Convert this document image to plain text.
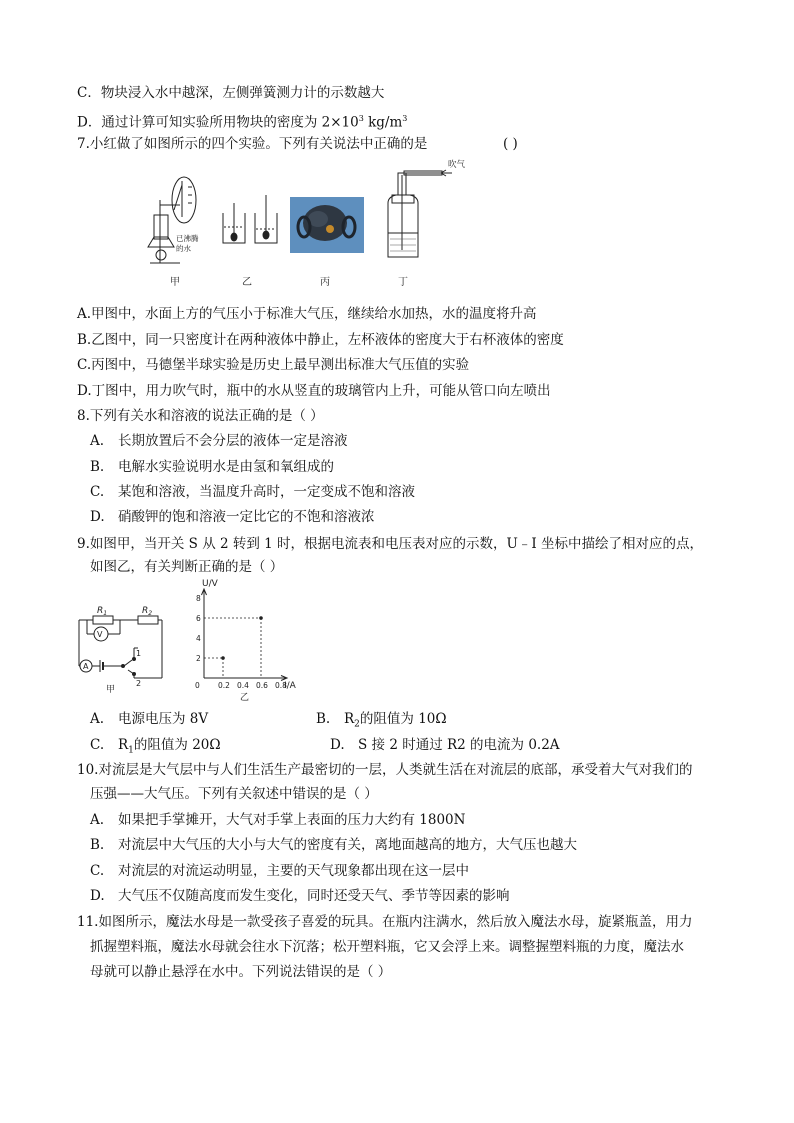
C．物块浸入水中越深，左侧弹簧测力计的示数越大
D．通过计算可知实验所用物块的密度为 $2\times 10^3$ $kg/m^3$
7.小红做了如图所示的四个实验。下列有关说法中正确的是	( )
已沸腾
的水
吹气
甲	乙	丙	丁
A.甲图中，水面上方的气压小于标准大气压，继续给水加热，水的温度将升高
B.乙图中，同一只密度计在两种液体中静止，左杯液体的密度大于右杯液体的密度
C.丙图中，马德堡半球实验是历史上最早测出标准大气压值的实验
D.丁图中，用力吹气时，瓶中的水从竖直的玻璃管内上升，可能从管口向左喷出
8.下列有关水和溶液的说法正确的是（ ）
A. 长期放置后不会分层的液体一定是溶液
B. 电解水实验说明水是由氢和氧组成的
C. 某饱和溶液，当温度升高时，一定变成不饱和溶液
D. 硝酸钾的饱和溶液一定比它的不饱和溶液浓
9.如图甲，当开关 S 从 2 转到 1 时，根据电流表和电压表对应的示数，U﹣I 坐标中描绘了相对应的点，
如图乙，有关判断正确的是（ ）
$R_1$	$R_2$
V
A
1
2
甲
U/V
2
4
6
8
0 0.2 0.4 0.6 0.8
I/A
乙
A. 电源电压为 8V	B. $R_2$的阻值为 10Ω
C. $R_1$的阻值为 20Ω	D. S 接 2 时通过 R2 的电流为 0.2A
10.对流层是大气层中与人们生活生产最密切的一层，人类就生活在对流层的底部，承受着大气对我们的
压强——大气压。下列有关叙述中错误的是（ ）
A. 如果把手掌摊开，大气对手掌上表面的压力大约有 1800N
B. 对流层中大气压的大小与大气的密度有关，离地面越高的地方，大气压也越大
C. 对流层的对流运动明显，主要的天气现象都出现在这一层中
D. 大气压不仅随高度而发生变化，同时还受天气、季节等因素的影响
11.如图所示，魔法水母是一款受孩子喜爱的玩具。在瓶内注满水，然后放入魔法水母，旋紧瓶盖，用力
抓握塑料瓶，魔法水母就会往水下沉落；松开塑料瓶，它又会浮上来。调整握塑料瓶的力度，魔法水
母就可以静止悬浮在水中。下列说法错误的是（ ）
